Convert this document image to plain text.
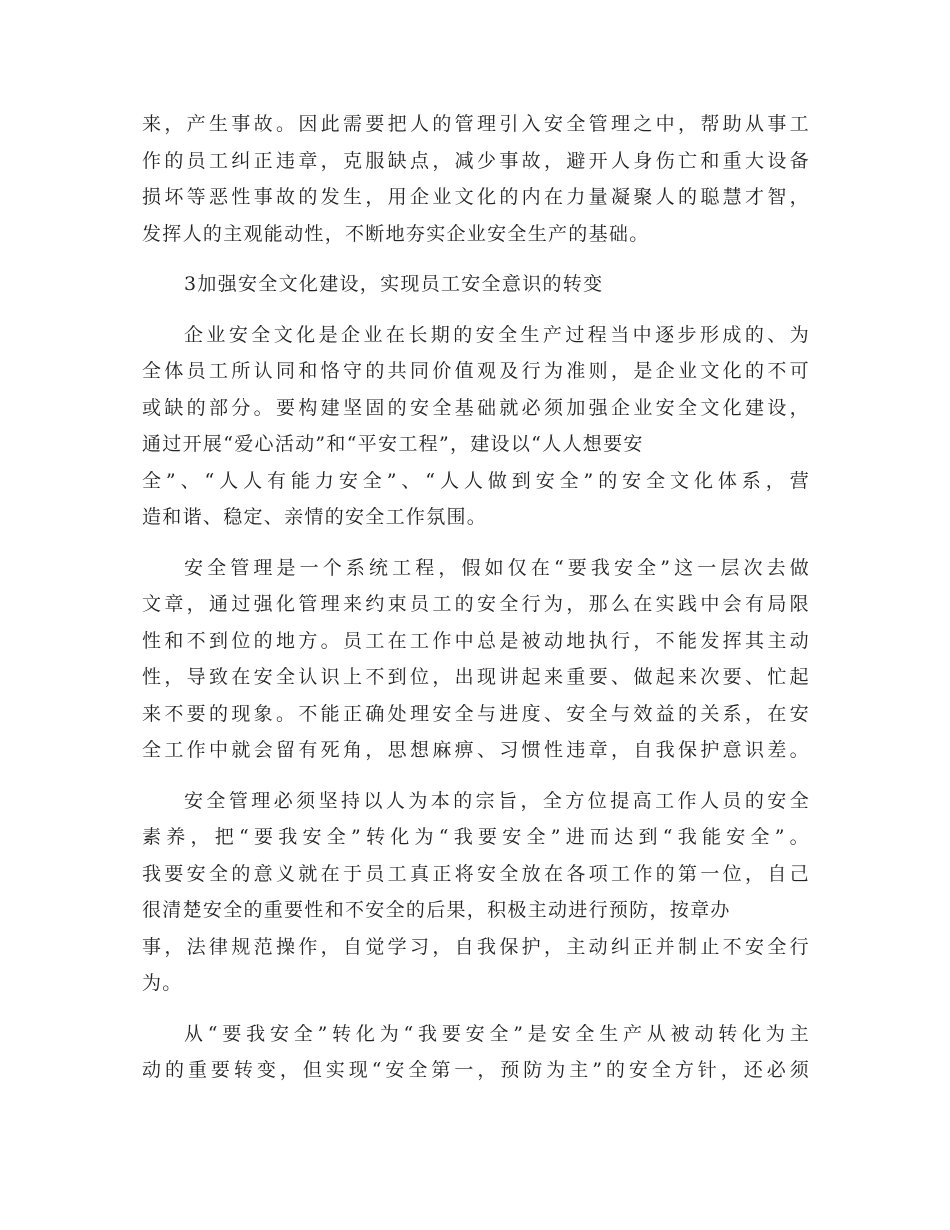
来，产生事故。因此需要把人的管理引入安全管理之中，帮助从事工
作的员工纠正违章，克服缺点，减少事故，避开人身伤亡和重大设备
损坏等恶性事故的发生，用企业文化的内在力量凝聚人的聪慧才智，
发挥人的主观能动性，不断地夯实企业安全生产的基础。
3加强安全文化建设，实现员工安全意识的转变
企业安全文化是企业在长期的安全生产过程当中逐步形成的、为
全体员工所认同和恪守的共同价值观及行为准则，是企业文化的不可
或缺的部分。要构建坚固的安全基础就必须加强企业安全文化建设，
通过开展“爱心活动”和“平安工程”，建设以“人人想要安
全”、“人人有能力安全”、“人人做到安全”的安全文化体系，营
造和谐、稳定、亲情的安全工作氛围。
安全管理是一个系统工程，假如仅在“要我安全”这一层次去做
文章，通过强化管理来约束员工的安全行为，那么在实践中会有局限
性和不到位的地方。员工在工作中总是被动地执行，不能发挥其主动
性，导致在安全认识上不到位，出现讲起来重要、做起来次要、忙起
来不要的现象。不能正确处理安全与进度、安全与效益的关系，在安
全工作中就会留有死角，思想麻痹、习惯性违章，自我保护意识差。
安全管理必须坚持以人为本的宗旨，全方位提高工作人员的安全
素养，把“要我安全”转化为“我要安全”进而达到“我能安全”。
我要安全的意义就在于员工真正将安全放在各项工作的第一位，自己
很清楚安全的重要性和不安全的后果，积极主动进行预防，按章办
事，法律规范操作，自觉学习，自我保护，主动纠正并制止不安全行
为。
从“要我安全”转化为“我要安全”是安全生产从被动转化为主
动的重要转变，但实现“安全第一，预防为主”的安全方针，还必须
